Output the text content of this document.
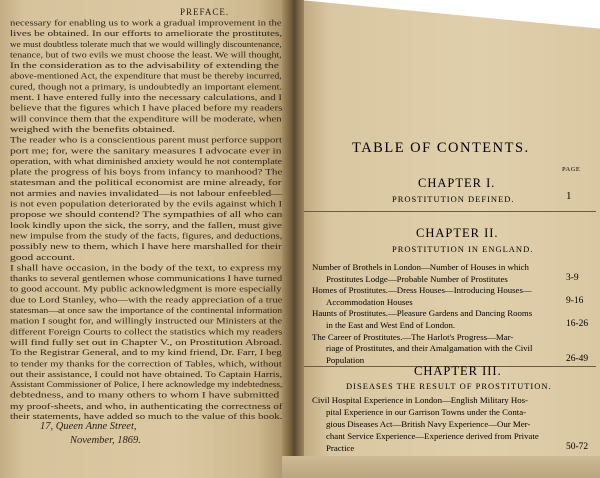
PREFACE.

necessary for enabling us to work a gradual improvement in the

lives be obtained. In our efforts to ameliorate the prostitutes,

we must doubtless tolerate much that we would willingly discountenance,

tenance, but of two evils we must choose the least. We will thought,

In the consideration as to the advisability of extending the

above-mentioned Act, the expenditure that must be thereby incurred,

cured, though not a primary, is undoubtedly an important element.

ment. I have entered fully into the necessary calculations, and I

believe that the figures which I have placed before my readers

will convince them that the expenditure will be moderate, when

weighed with the benefits obtained.

The reader who is a conscientious parent must perforce support

port me; for, were the sanitary measures I advocate ever in

operation, with what diminished anxiety would he not contemplate

plate the progress of his boys from infancy to manhood? The

statesman and the political economist are mine already, for

not armies and navies invalidated—is not labour enfeebled—

is not even population deteriorated by the evils against which I

propose we should contend? The sympathies of all who can

look kindly upon the sick, the sorry, and the fallen, must give

new impulse from the study of the facts, figures, and deductions,

possibly new to them, which I have here marshalled for their

good account.

I shall have occasion, in the body of the text, to express my

thanks to several gentlemen whose communications I have turned

to good account. My public acknowledgment is more especially

due to Lord Stanley, who—with the ready appreciation of a true

statesman—at once saw the importance of the continental information

mation I sought for, and willingly instructed our Ministers at the

different Foreign Courts to collect the statistics which my readers

will find fully set out in Chapter V., on Prostitution Abroad.

To the Registrar General, and to my kind friend, Dr. Farr, I beg

to tender my thanks for the correction of Tables, which, without

out their assistance, I could not have obtained. To Captain Harris,

Assistant Commissioner of Police, I here acknowledge my indebtedness,

debtedness, and to many others to whom I have submitted

my proof-sheets, and who, in authenticating the correctness of

their statements, have added so much to the value of this book.

17, Queen Anne Street,
November, 1869.
TABLE OF CONTENTS.
PAGE
CHAPTER I.
PROSTITUTION DEFINED.	1
CHAPTER II.
PROSTITUTION IN ENGLAND.
Number of Brothels in London—Number of Houses in which
Prostitutes Lodge—Probable Number of Prostitutes	3-9
Homes of Prostitutes.—Dress Houses—Introducing Houses—
Accommodation Houses	9-16
Haunts of Prostitutes.—Pleasure Gardens and Dancing Rooms
in the East and West End of London.	16-26
The Career of Prostitutes.—The Harlot's Progress—Mar-
riage of Prostitutes, and their Amalgamation with the Civil
Population	26-49
CHAPTER III.
DISEASES THE RESULT OF PROSTITUTION.
Civil Hospital Experience in London—English Military Hos-
pital Experience in our Garrison Towns under the Conta-
gious Diseases Act—British Navy Experience—Our Mer-
chant Service Experience—Experience derived from Private
Practice	50-72
